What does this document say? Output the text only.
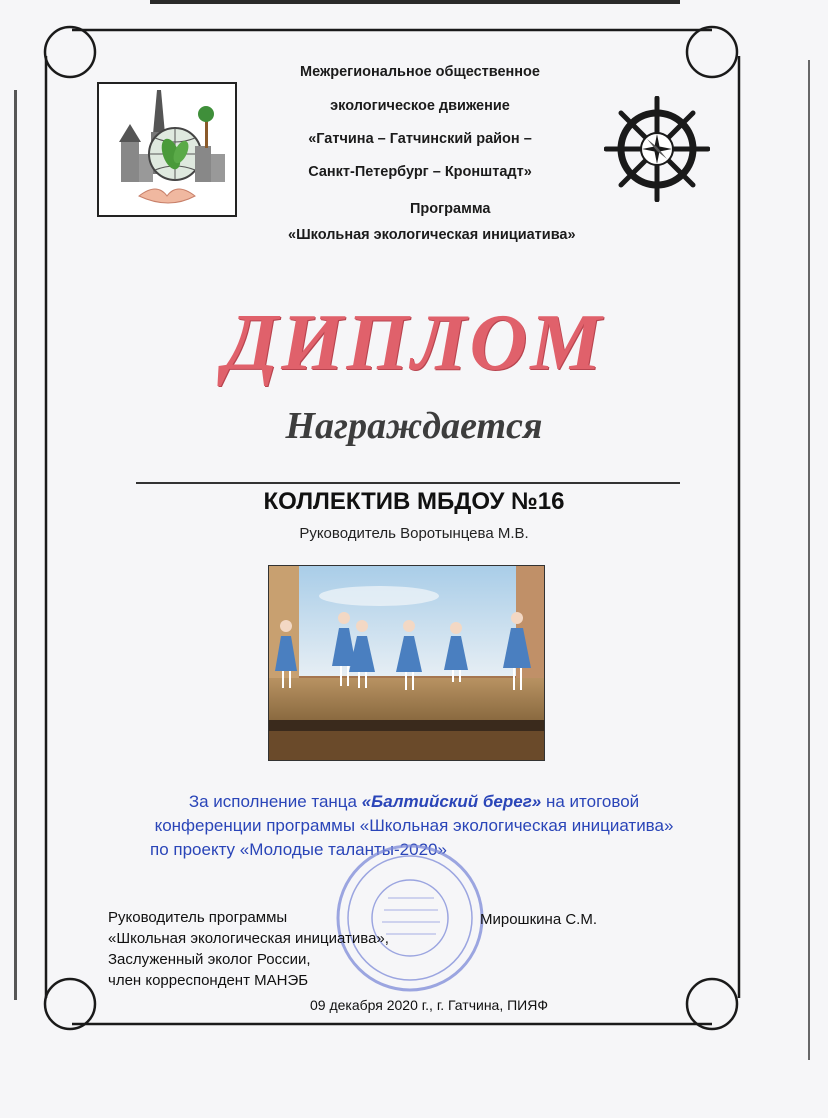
Межрегиональное общественное
экологическое движение
«Гатчина – Гатчинский район –
Санкт-Петербург – Кронштадт»
Программа
«Школьная экологическая инициатива»
ДИПЛОМ
Награждается
КОЛЛЕКТИВ МБДОУ №16
Руководитель Воротынцева М.В.
За исполнение танца «Балтийский берег» на итоговой
конференции программы «Школьная экологическая инициатива»
по проекту «Молодые таланты-2020»
Руководитель программы
«Школьная экологическая инициатива»,
Заслуженный эколог России,
член корреспондент МАНЭБ
Мирошкина С.М.
09 декабря 2020 г., г. Гатчина, ПИЯФ
